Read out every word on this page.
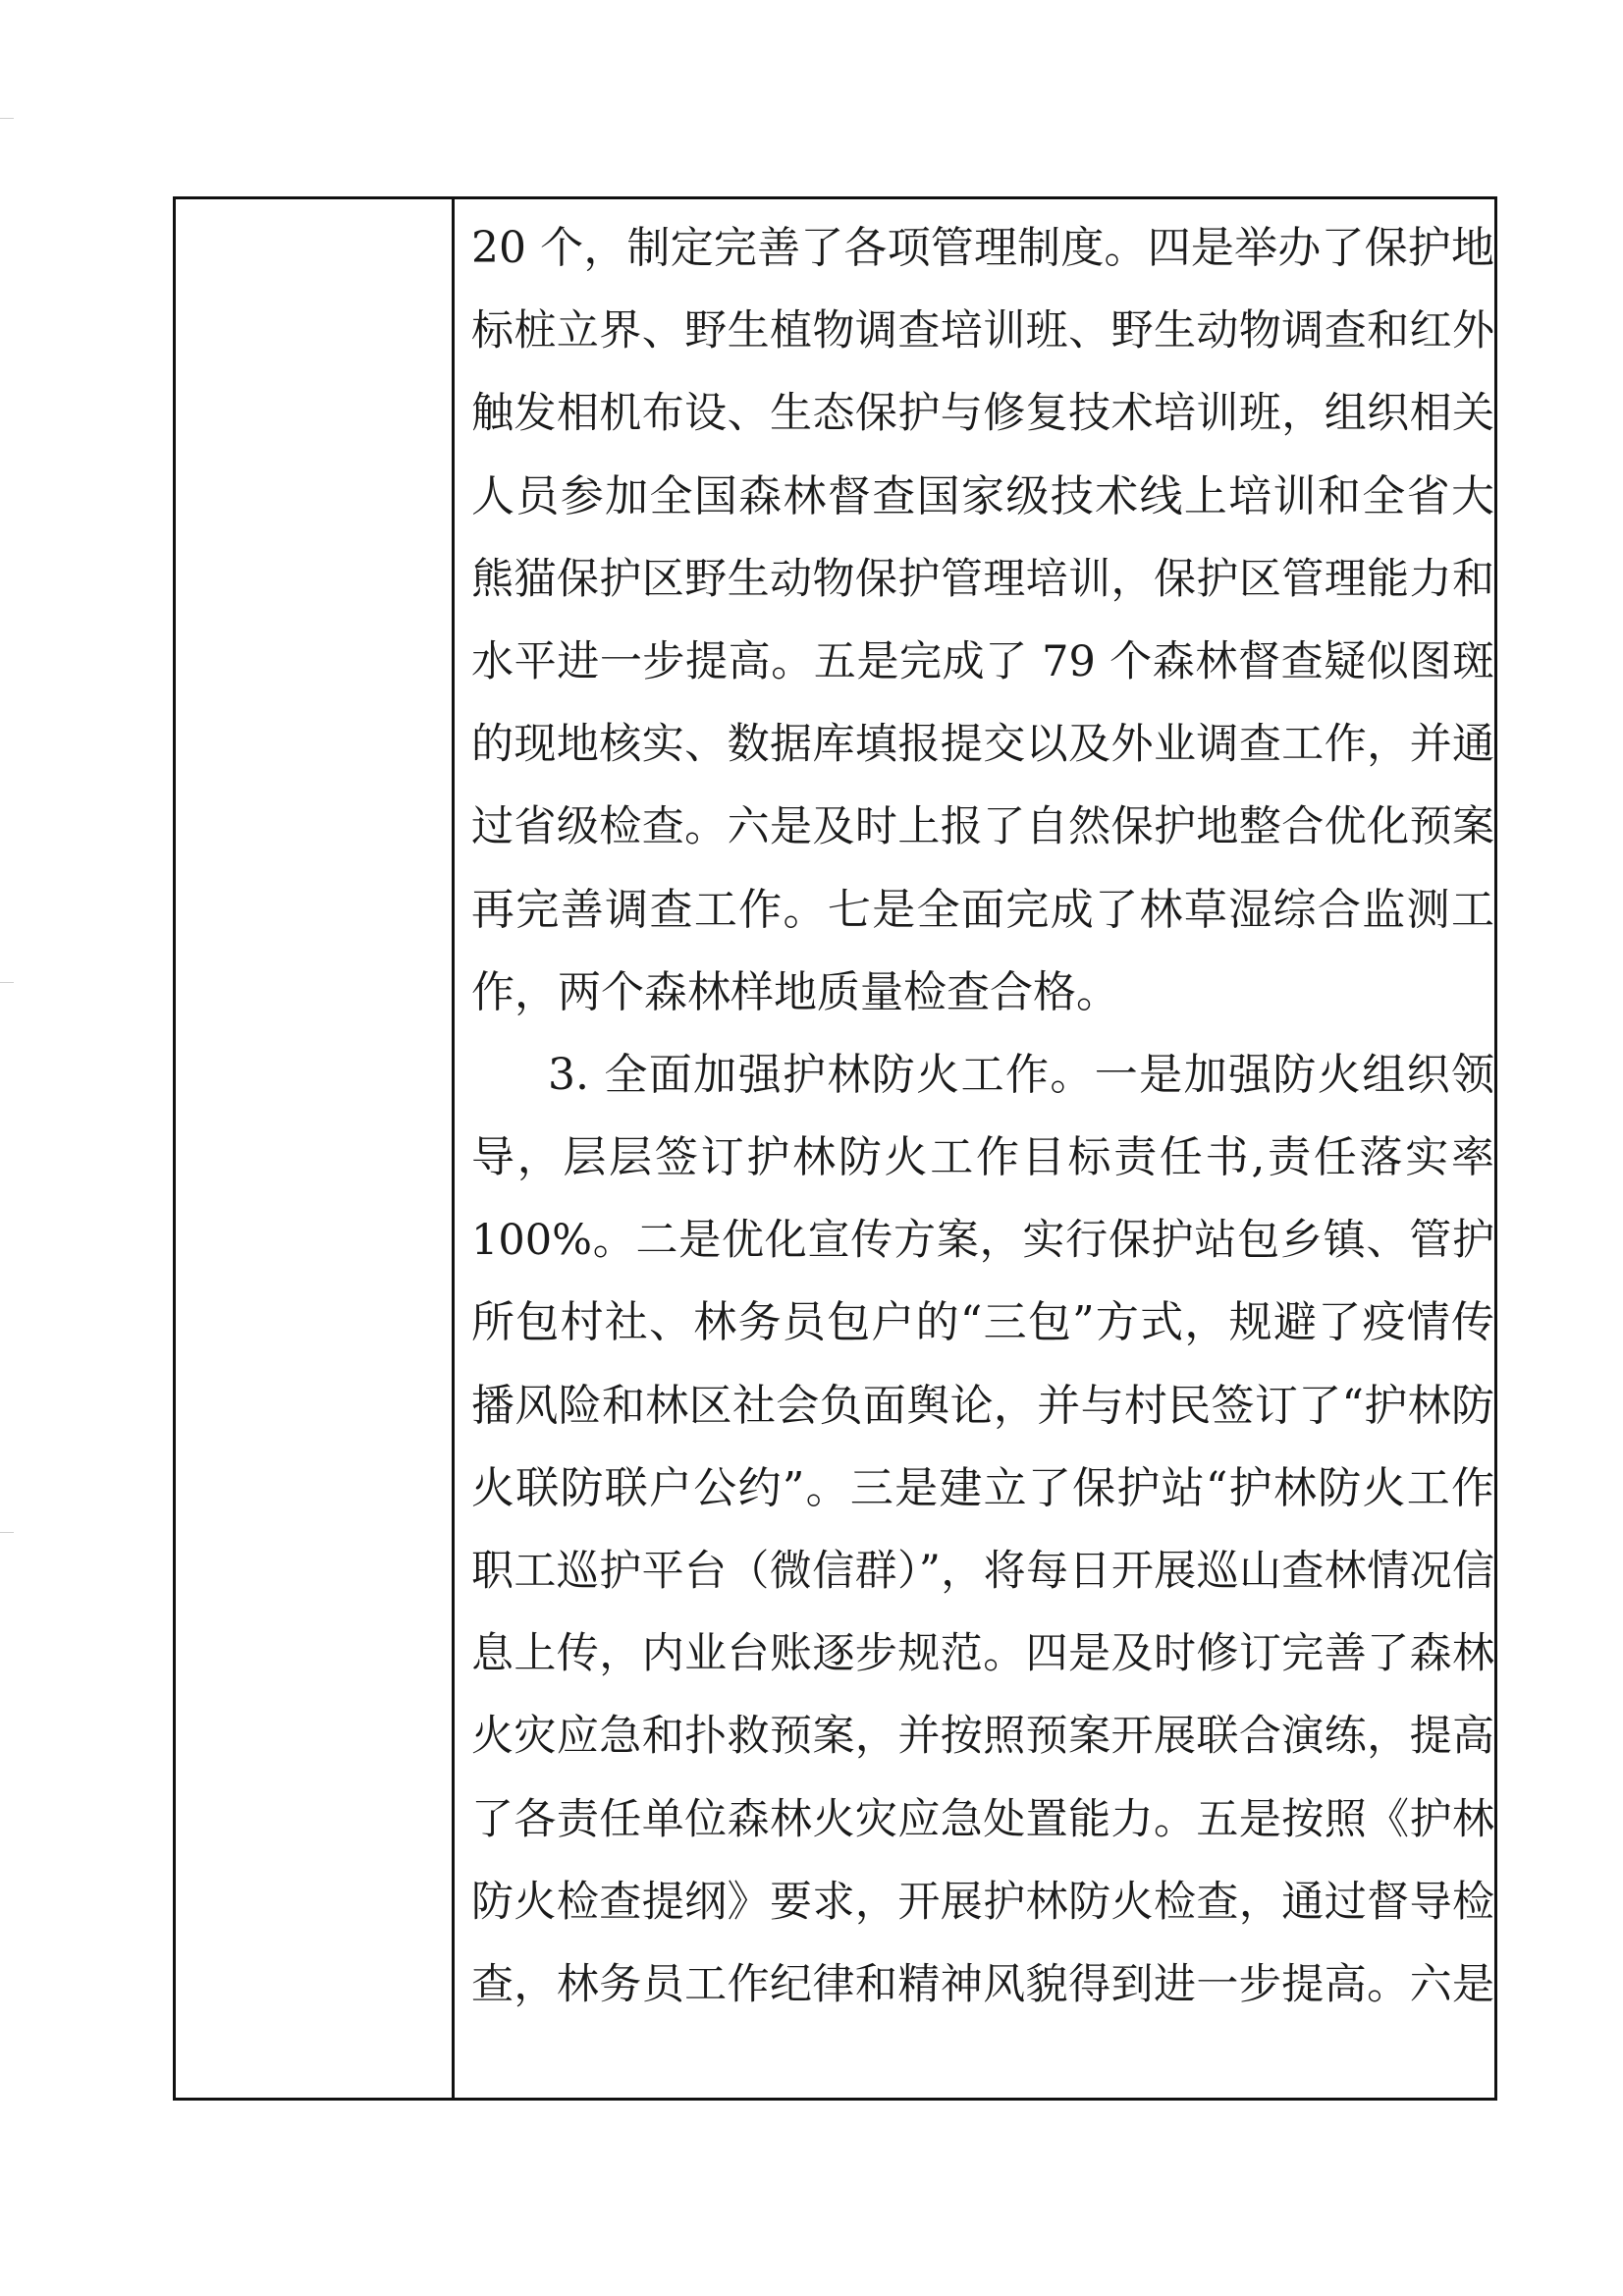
20 个，制定完善了各项管理制度。四是举办了保护地
标桩立界、野生植物调查培训班、野生动物调查和红外
触发相机布设、生态保护与修复技术培训班，组织相关
人员参加全国森林督查国家级技术线上培训和全省大
熊猫保护区野生动物保护管理培训，保护区管理能力和
水平进一步提高。五是完成了 79 个森林督查疑似图斑
的现地核实、数据库填报提交以及外业调查工作，并通
过省级检查。六是及时上报了自然保护地整合优化预案
再完善调查工作。七是全面完成了林草湿综合监测工
作，两个森林样地质量检查合格。
3. 全面加强护林防火工作。一是加强防火组织领
导，层层签订护林防火工作目标责任书,责任落实率
100%。二是优化宣传方案，实行保护站包乡镇、管护
所包村社、林务员包户的“三包”方式，规避了疫情传
播风险和林区社会负面舆论，并与村民签订了“护林防
火联防联户公约”。三是建立了保护站“护林防火工作
职工巡护平台（微信群）”，将每日开展巡山查林情况信
息上传，内业台账逐步规范。四是及时修订完善了森林
火灾应急和扑救预案，并按照预案开展联合演练，提高
了各责任单位森林火灾应急处置能力。五是按照《护林
防火检查提纲》要求，开展护林防火检查，通过督导检
查，林务员工作纪律和精神风貌得到进一步提高。六是
